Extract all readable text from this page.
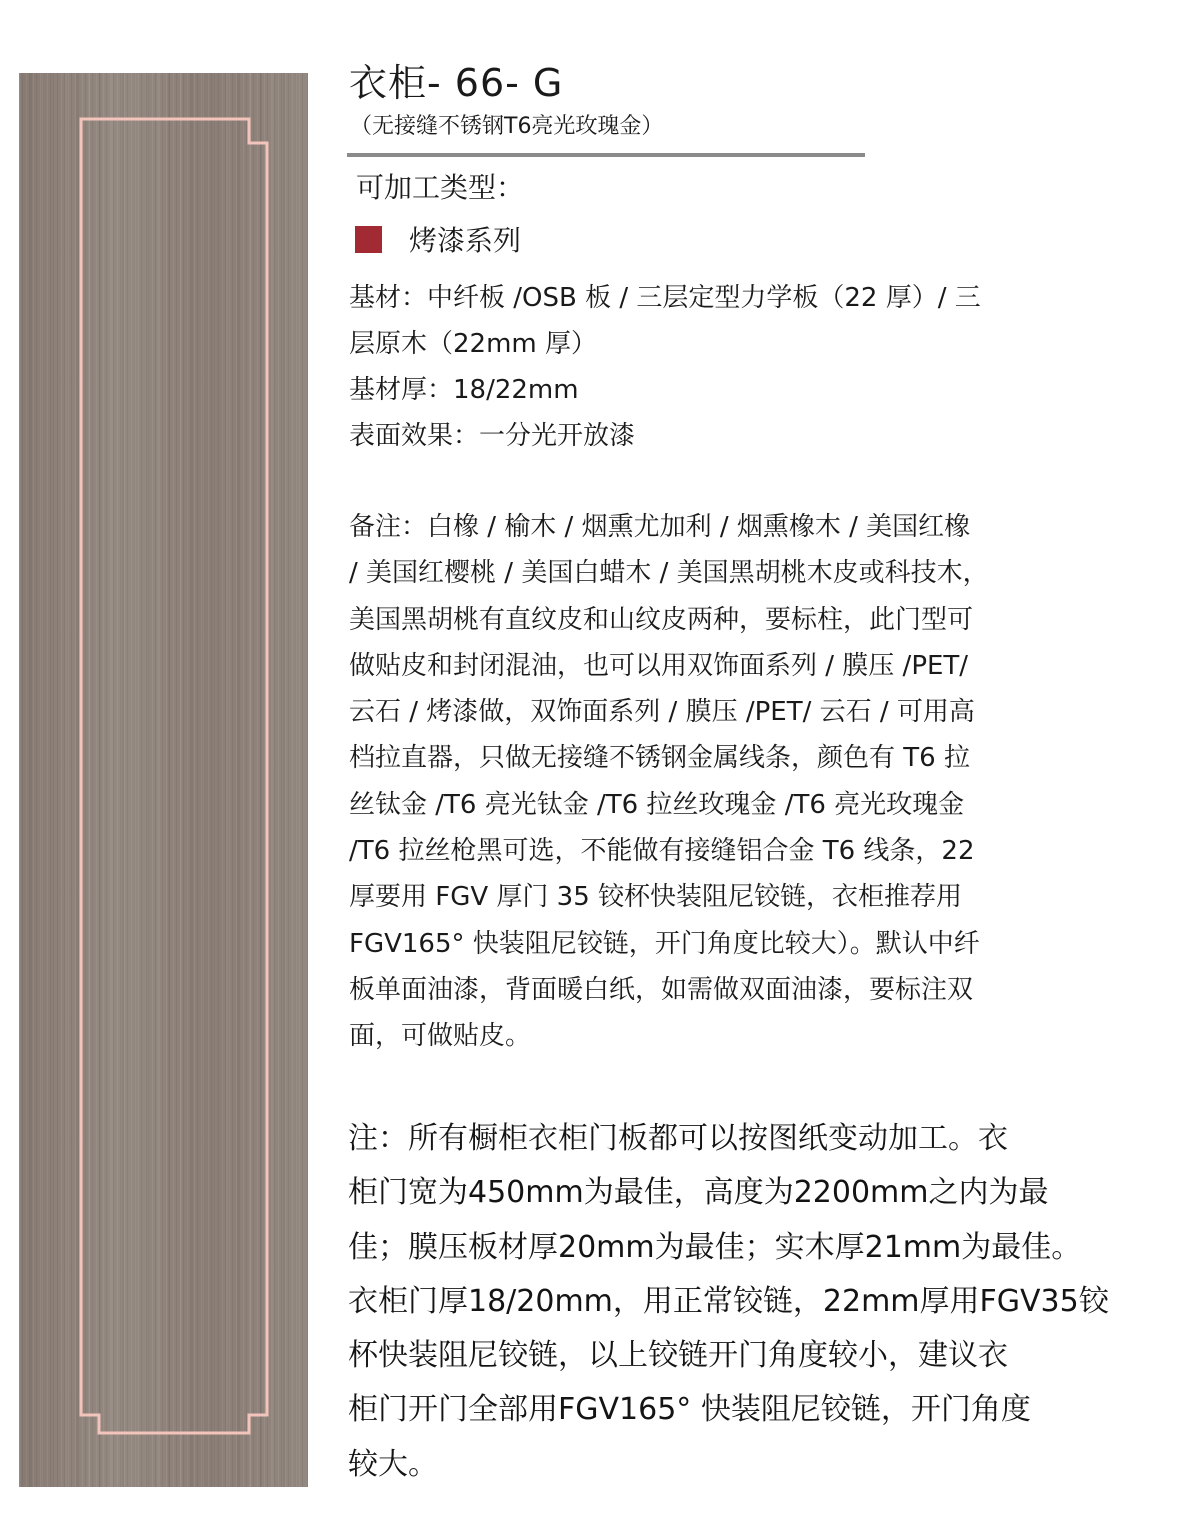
衣柜- 66- G

（无接缝不锈钢T6亮光玫瑰金）

可加工类型：

烤漆系列

基材：中纤板 /OSB 板 / 三层定型力学板（22 厚）/ 三

层原木（22mm 厚）

基材厚：18/22mm

表面效果：一分光开放漆

备注：白橡 / 榆木 / 烟熏尤加利 / 烟熏橡木 / 美国红橡

/ 美国红樱桃 / 美国白蜡木 / 美国黑胡桃木皮或科技木，

美国黑胡桃有直纹皮和山纹皮两种，要标柱，此门型可

做贴皮和封闭混油，也可以用双饰面系列 / 膜压 /PET/

云石 / 烤漆做，双饰面系列 / 膜压 /PET/ 云石 / 可用高

档拉直器，只做无接缝不锈钢金属线条，颜色有 T6 拉

丝钛金 /T6 亮光钛金 /T6 拉丝玫瑰金 /T6 亮光玫瑰金

/T6 拉丝枪黑可选，不能做有接缝铝合金 T6 线条，22

厚要用 FGV 厚门 35 铰杯快装阻尼铰链，衣柜推荐用

FGV165° 快装阻尼铰链，开门角度比较大）。默认中纤

板单面油漆，背面暖白纸，如需做双面油漆，要标注双

面，可做贴皮。

注：所有橱柜衣柜门板都可以按图纸变动加工。衣

柜门宽为450mm为最佳，高度为2200mm之内为最

佳；膜压板材厚20mm为最佳；实木厚21mm为最佳。

衣柜门厚18/20mm，用正常铰链，22mm厚用FGV35铰

杯快装阻尼铰链，以上铰链开门角度较小，建议衣

柜门开门全部用FGV165° 快装阻尼铰链，开门角度

较大。
